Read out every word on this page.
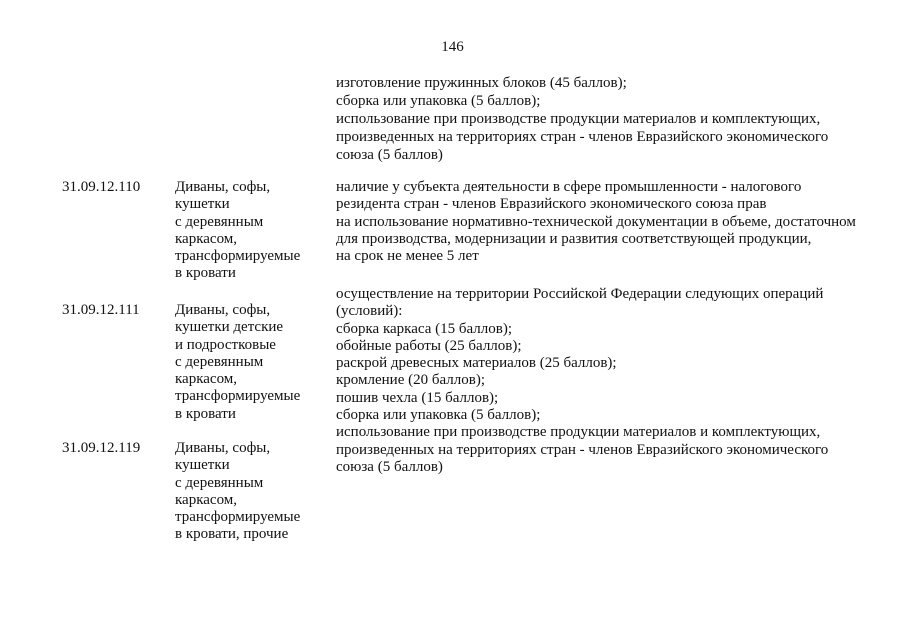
146
изготовление пружинных блоков (45 баллов);
сборка или упаковка (5 баллов);
использование при производстве продукции материалов и комплектующих,
произведенных на территориях стран - членов Евразийского экономического
союза (5 баллов)
31.09.12.110 Диваны, софы,
кушетки
с деревянным
каркасом,
трансформируемые
в кровати
наличие у субъекта деятельности в сфере промышленности - налогового
резидента стран - членов Евразийского экономического союза прав
на использование нормативно-технической документации в объеме, достаточном
для производства, модернизации и развития соответствующей продукции,
на срок не менее 5 лет
осуществление на территории Российской Федерации следующих операций
(условий):
сборка каркаса (15 баллов);
обойные работы (25 баллов);
раскрой древесных материалов (25 баллов);
кромление (20 баллов);
пошив чехла (15 баллов);
сборка или упаковка (5 баллов);
использование при производстве продукции материалов и комплектующих,
произведенных на территориях стран - членов Евразийского экономического
союза (5 баллов)
31.09.12.111 Диваны, софы,
кушетки детские
и подростковые
с деревянным
каркасом,
трансформируемые
в кровати
31.09.12.119 Диваны, софы,
кушетки
с деревянным
каркасом,
трансформируемые
в кровати, прочие
